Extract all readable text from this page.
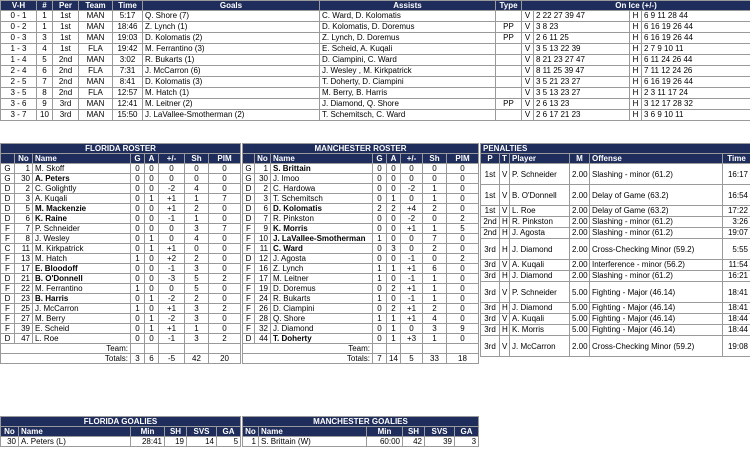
V-H	#	Per	Team	Time	Goals	Assists	Type	On Ice (+/-)			
0 - 1	1	1st	MAN	5:17	Q. Shore (7)	C. Ward, D. Kolomatis		V	2 22 27 39 47	H	6 9 11 28 44
0 - 2	1	1st	MAN	18:46	Z. Lynch (1)	D. Kolomatis, D. Doremus	PP	V	3 8 23	H	6 16 19 26 44
0 - 3	3	1st	MAN	19:03	D. Kolomatis (2)	Z. Lynch, D. Doremus	PP	V	2 6 11 25	H	6 16 19 26 44
1 - 3	4	1st	FLA	19:42	M. Ferrantino (3)	E. Scheid, A. Kuqali		V	3 5 13 22 39	H	2 7 9 10 11
1 - 4	5	2nd	MAN	3:02	R. Bukarts (1)	D. Ciampini, C. Ward		V	8 21 23 27 47	H	6 11 24 26 44
2 - 4	6	2nd	FLA	7:31	J. McCarron (6)	J. Wesley , M. Kirkpatrick		V	8 11 25 39 47	H	7 11 12 24 26
2 - 5	7	2nd	MAN	8:41	D. Kolomatis (3)	T. Doherty, D. Ciampini		V	3 5 21 23 27	H	6 16 19 26 44
3 - 5	8	2nd	FLA	12:57	M. Hatch (1)	M. Berry, B. Harris		V	3 5 13 23 27	H	2 3 11 17 24
3 - 6	9	3rd	MAN	12:41	M. Leitner (2)	J. Diamond, Q. Shore	PP	V	2 6 13 23	H	3 12 17 28 32
3 - 7	10	3rd	MAN	15:50	J. LaVallee-Smotherman (2)	T. Schemitsch, C. Ward		V	2 6 17 21 23	H	3 6 9 10 11
FLORIDA ROSTER							
	No	Name	G	A	+/-	Sh	PIM
G	1	M. Skoff	0	0	0	0	0
G	30	A. Peters	0	0	0	0	0
D	2	C. Golightly	0	0	-2	4	0
D	3	A. Kuqali	0	1	+1	1	7
D	5	M. Mackenzie	0	0	+1	2	0
D	6	K. Raine	0	0	-1	1	0
F	7	P. Schneider	0	0	0	3	7
F	8	J. Wesley	0	1	0	4	0
C	11	M. Kirkpatrick	0	1	+1	0	0
F	13	M. Hatch	1	0	+2	2	0
F	17	E. Bloodoff	0	0	-1	3	0
D	21	B. O'Donnell	0	0	-3	5	2
F	22	M. Ferrantino	1	0	0	5	0
D	23	B. Harris	0	1	-2	2	0
F	25	J. McCarron	1	0	+1	3	2
F	27	M. Berry	0	1	-2	3	0
F	39	E. Scheid	0	1	+1	1	0
D	47	L. Roe	0	0	-1	3	2
Team:							
Totals:			3	6	-5	42	20
MANCHESTER ROSTER							
	No	Name	G	A	+/-	Sh	PIM
G	1	S. Brittain	0	0	0	0	0
G	30	J. Imoo	0	0	0	0	0
D	2	C. Hardowa	0	0	-2	1	0
D	3	T. Schemitsch	0	1	0	1	0
D	6	D. Kolomatis	2	2	+4	2	0
D	7	R. Pinkston	0	0	-2	0	2
F	9	K. Morris	0	0	+1	1	5
F	10	J. LaVallee-Smotherman	1	0	0	7	0
F	11	C. Ward	0	3	0	2	0
D	12	J. Agosta	0	0	-1	0	2
F	16	Z. Lynch	1	1	+1	6	0
F	17	M. Leitner	1	0	-1	1	0
F	19	D. Doremus	0	2	+1	1	0
F	24	R. Bukarts	1	0	-1	1	0
F	26	D. Ciampini	0	2	+1	2	0
F	28	Q. Shore	1	1	+1	4	0
F	32	J. Diamond	0	1	0	3	9
D	44	T. Doherty	0	1	+3	1	0
Team:							
Totals:			7	14	5	33	18
PENALTIES					
P	T	Player	M	Offense	Time
1st	V	P. Schneider	2.00	Slashing - minor (61.2)	16:17
1st	V	B. O'Donnell	2.00	Delay of Game (63.2)	16:54
1st	V	L. Roe	2.00	Delay of Game (63.2)	17:22
2nd	H	R. Pinkston	2.00	Slashing - minor (61.2)	3:26
2nd	H	J. Agosta	2.00	Slashing - minor (61.2)	19:07
3rd	H	J. Diamond	2.00	Cross-Checking Minor (59.2)	5:55
3rd	V	A. Kuqali	2.00	Interference - minor (56.2)	11:54
3rd	H	J. Diamond	2.00	Slashing - minor (61.2)	16:21
3rd	V	P. Schneider	5.00	Fighting - Major (46.14)	18:41
3rd	H	J. Diamond	5.00	Fighting - Major (46.14)	18:41
3rd	V	A. Kuqali	5.00	Fighting - Major (46.14)	18:44
3rd	H	K. Morris	5.00	Fighting - Major (46.14)	18:44
3rd	V	J. McCarron	2.00	Cross-Checking Minor (59.2)	19:08
FLORIDA GOALIES					
No	Name	Min	SH	SVS	GA
30	A. Peters (L)	28:41	19	14	5
MANCHESTER GOALIES					
No	Name	Min	SH	SVS	GA
1	S. Brittain (W)	60:00	42	39	3
